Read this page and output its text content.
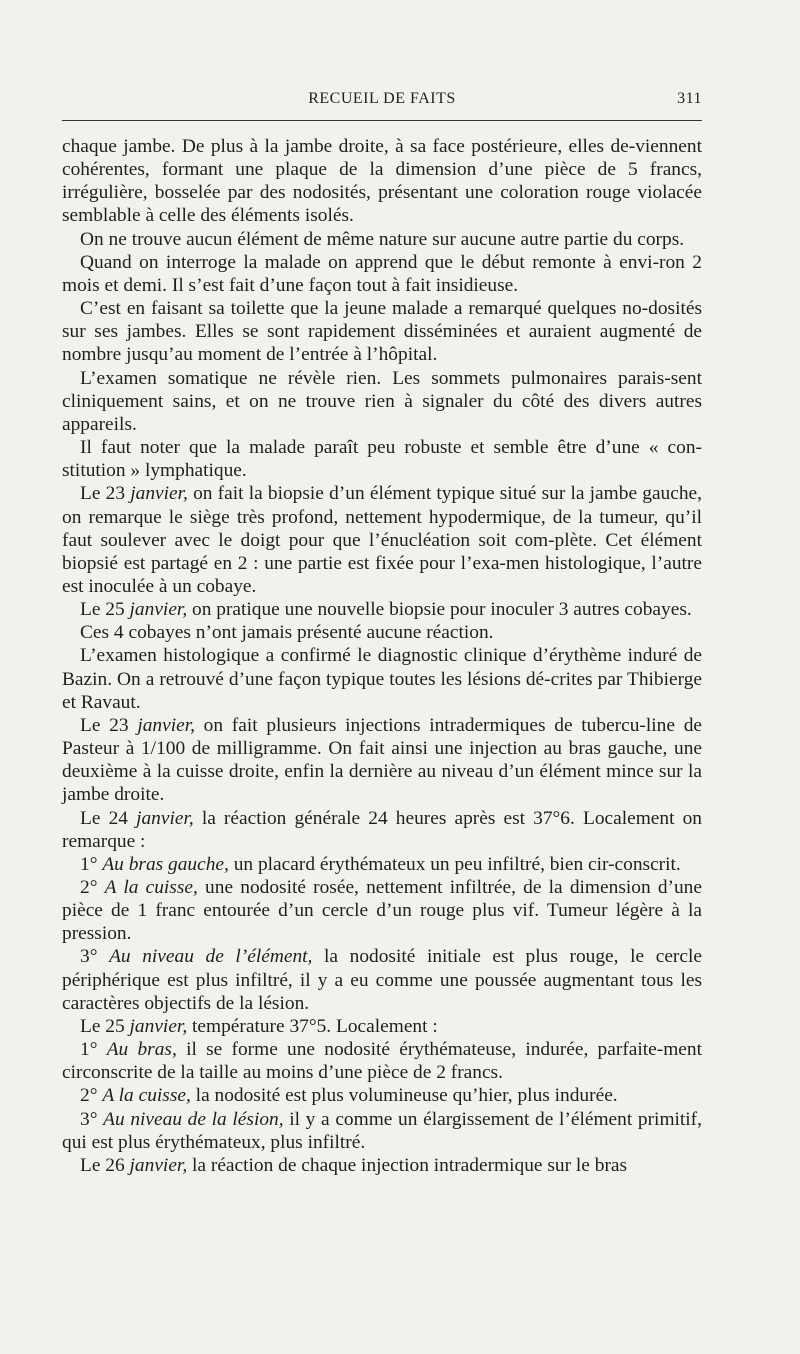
RECUEIL DE FAITS	311

chaque jambe. De plus à la jambe droite, à sa face postérieure, elles de-viennent cohérentes, formant une plaque de la dimension d’une pièce de 5 francs, irrégulière, bosselée par des nodosités, présentant une coloration rouge violacée semblable à celle des éléments isolés.

On ne trouve aucun élément de même nature sur aucune autre partie du corps.

Quand on interroge la malade on apprend que le début remonte à envi-ron 2 mois et demi. Il s’est fait d’une façon tout à fait insidieuse.

C’est en faisant sa toilette que la jeune malade a remarqué quelques no-dosités sur ses jambes. Elles se sont rapidement disséminées et auraient augmenté de nombre jusqu’au moment de l’entrée à l’hôpital.

L’examen somatique ne révèle rien. Les sommets pulmonaires parais-sent cliniquement sains, et on ne trouve rien à signaler du côté des divers autres appareils.

Il faut noter que la malade paraît peu robuste et semble être d’une « con-stitution » lymphatique.

Le 23 janvier, on fait la biopsie d’un élément typique situé sur la jambe gauche, on remarque le siège très profond, nettement hypodermique, de la tumeur, qu’il faut soulever avec le doigt pour que l’énucléation soit com-plète. Cet élément biopsié est partagé en 2 : une partie est fixée pour l’exa-men histologique, l’autre est inoculée à un cobaye.

Le 25 janvier, on pratique une nouvelle biopsie pour inoculer 3 autres cobayes.

Ces 4 cobayes n’ont jamais présenté aucune réaction.

L’examen histologique a confirmé le diagnostic clinique d’érythème induré de Bazin. On a retrouvé d’une façon typique toutes les lésions dé-crites par Thibierge et Ravaut.

Le 23 janvier, on fait plusieurs injections intradermiques de tubercu-line de Pasteur à 1/100 de milligramme. On fait ainsi une injection au bras gauche, une deuxième à la cuisse droite, enfin la dernière au niveau d’un élément mince sur la jambe droite.

Le 24 janvier, la réaction générale 24 heures après est 37°6. Localement on remarque :

1° Au bras gauche, un placard érythémateux un peu infiltré, bien cir-conscrit.

2° A la cuisse, une nodosité rosée, nettement infiltrée, de la dimension d’une pièce de 1 franc entourée d’un cercle d’un rouge plus vif. Tumeur légère à la pression.

3° Au niveau de l’élément, la nodosité initiale est plus rouge, le cercle périphérique est plus infiltré, il y a eu comme une poussée augmentant tous les caractères objectifs de la lésion.

Le 25 janvier, température 37°5. Localement :

1° Au bras, il se forme une nodosité érythémateuse, indurée, parfaite-ment circonscrite de la taille au moins d’une pièce de 2 francs.

2° A la cuisse, la nodosité est plus volumineuse qu’hier, plus indurée.

3° Au niveau de la lésion, il y a comme un élargissement de l’élément primitif, qui est plus érythémateux, plus infiltré.

Le 26 janvier, la réaction de chaque injection intradermique sur le bras
